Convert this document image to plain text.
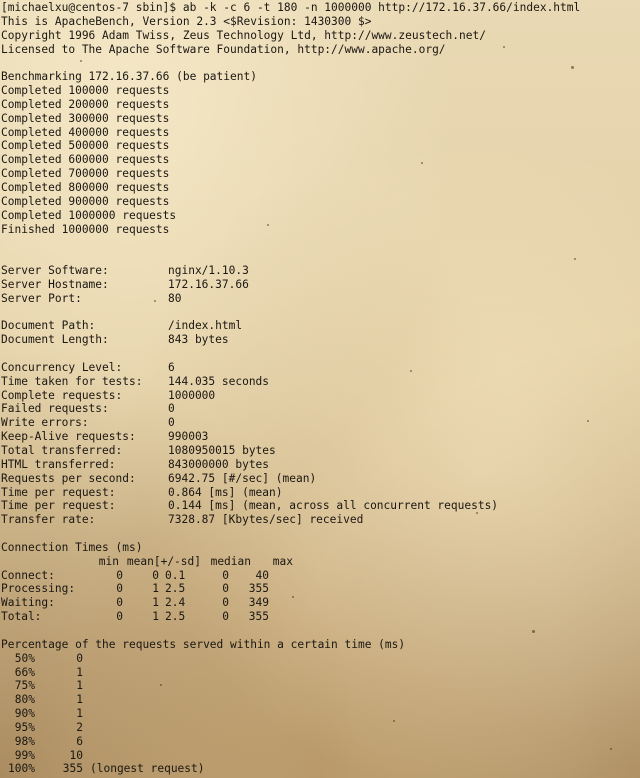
[michaelxu@centos-7 sbin]$ ab -k -c 6 -t 180 -n 1000000 http://172.16.37.66/index.html
This is ApacheBench, Version 2.3 <$Revision: 1430300 $>
Copyright 1996 Adam Twiss, Zeus Technology Ltd, http://www.zeustech.net/
Licensed to The Apache Software Foundation, http://www.apache.org/
Benchmarking 172.16.37.66 (be patient)
Completed 100000 requests
Completed 200000 requests
Completed 300000 requests
Completed 400000 requests
Completed 500000 requests
Completed 600000 requests
Completed 700000 requests
Completed 800000 requests
Completed 900000 requests
Completed 1000000 requests
Finished 1000000 requests
Server Software:	nginx/1.10.3
Server Hostname:	172.16.37.66
Server Port:	80
Document Path:	/index.html
Document Length:	843 bytes
Concurrency Level:	6
Time taken for tests:	144.035 seconds
Complete requests:	1000000
Failed requests:	0
Write errors:	0
Keep-Alive requests:	990003
Total transferred:	1080950015 bytes
HTML transferred:	843000000 bytes
Requests per second:	6942.75 [#/sec] (mean)
Time per request:	0.864 [ms] (mean)
Time per request:	0.144 [ms] (mean, across all concurrent requests)
Transfer rate:	7328.87 [Kbytes/sec] received
Connection Times (ms)
min mean[+/-sd] median	max
Connect:	0	0 0.1	0	40
Processing:	0	1 2.5	0	355
Waiting:	0	1 2.4	0	349
Total:	0	1 2.5	0	355
Percentage of the requests served within a certain time (ms)
50%	0
66%	1
75%	1
80%	1
90%	1
95%	2
98%	6
99%	10
100%	355 (longest request)
